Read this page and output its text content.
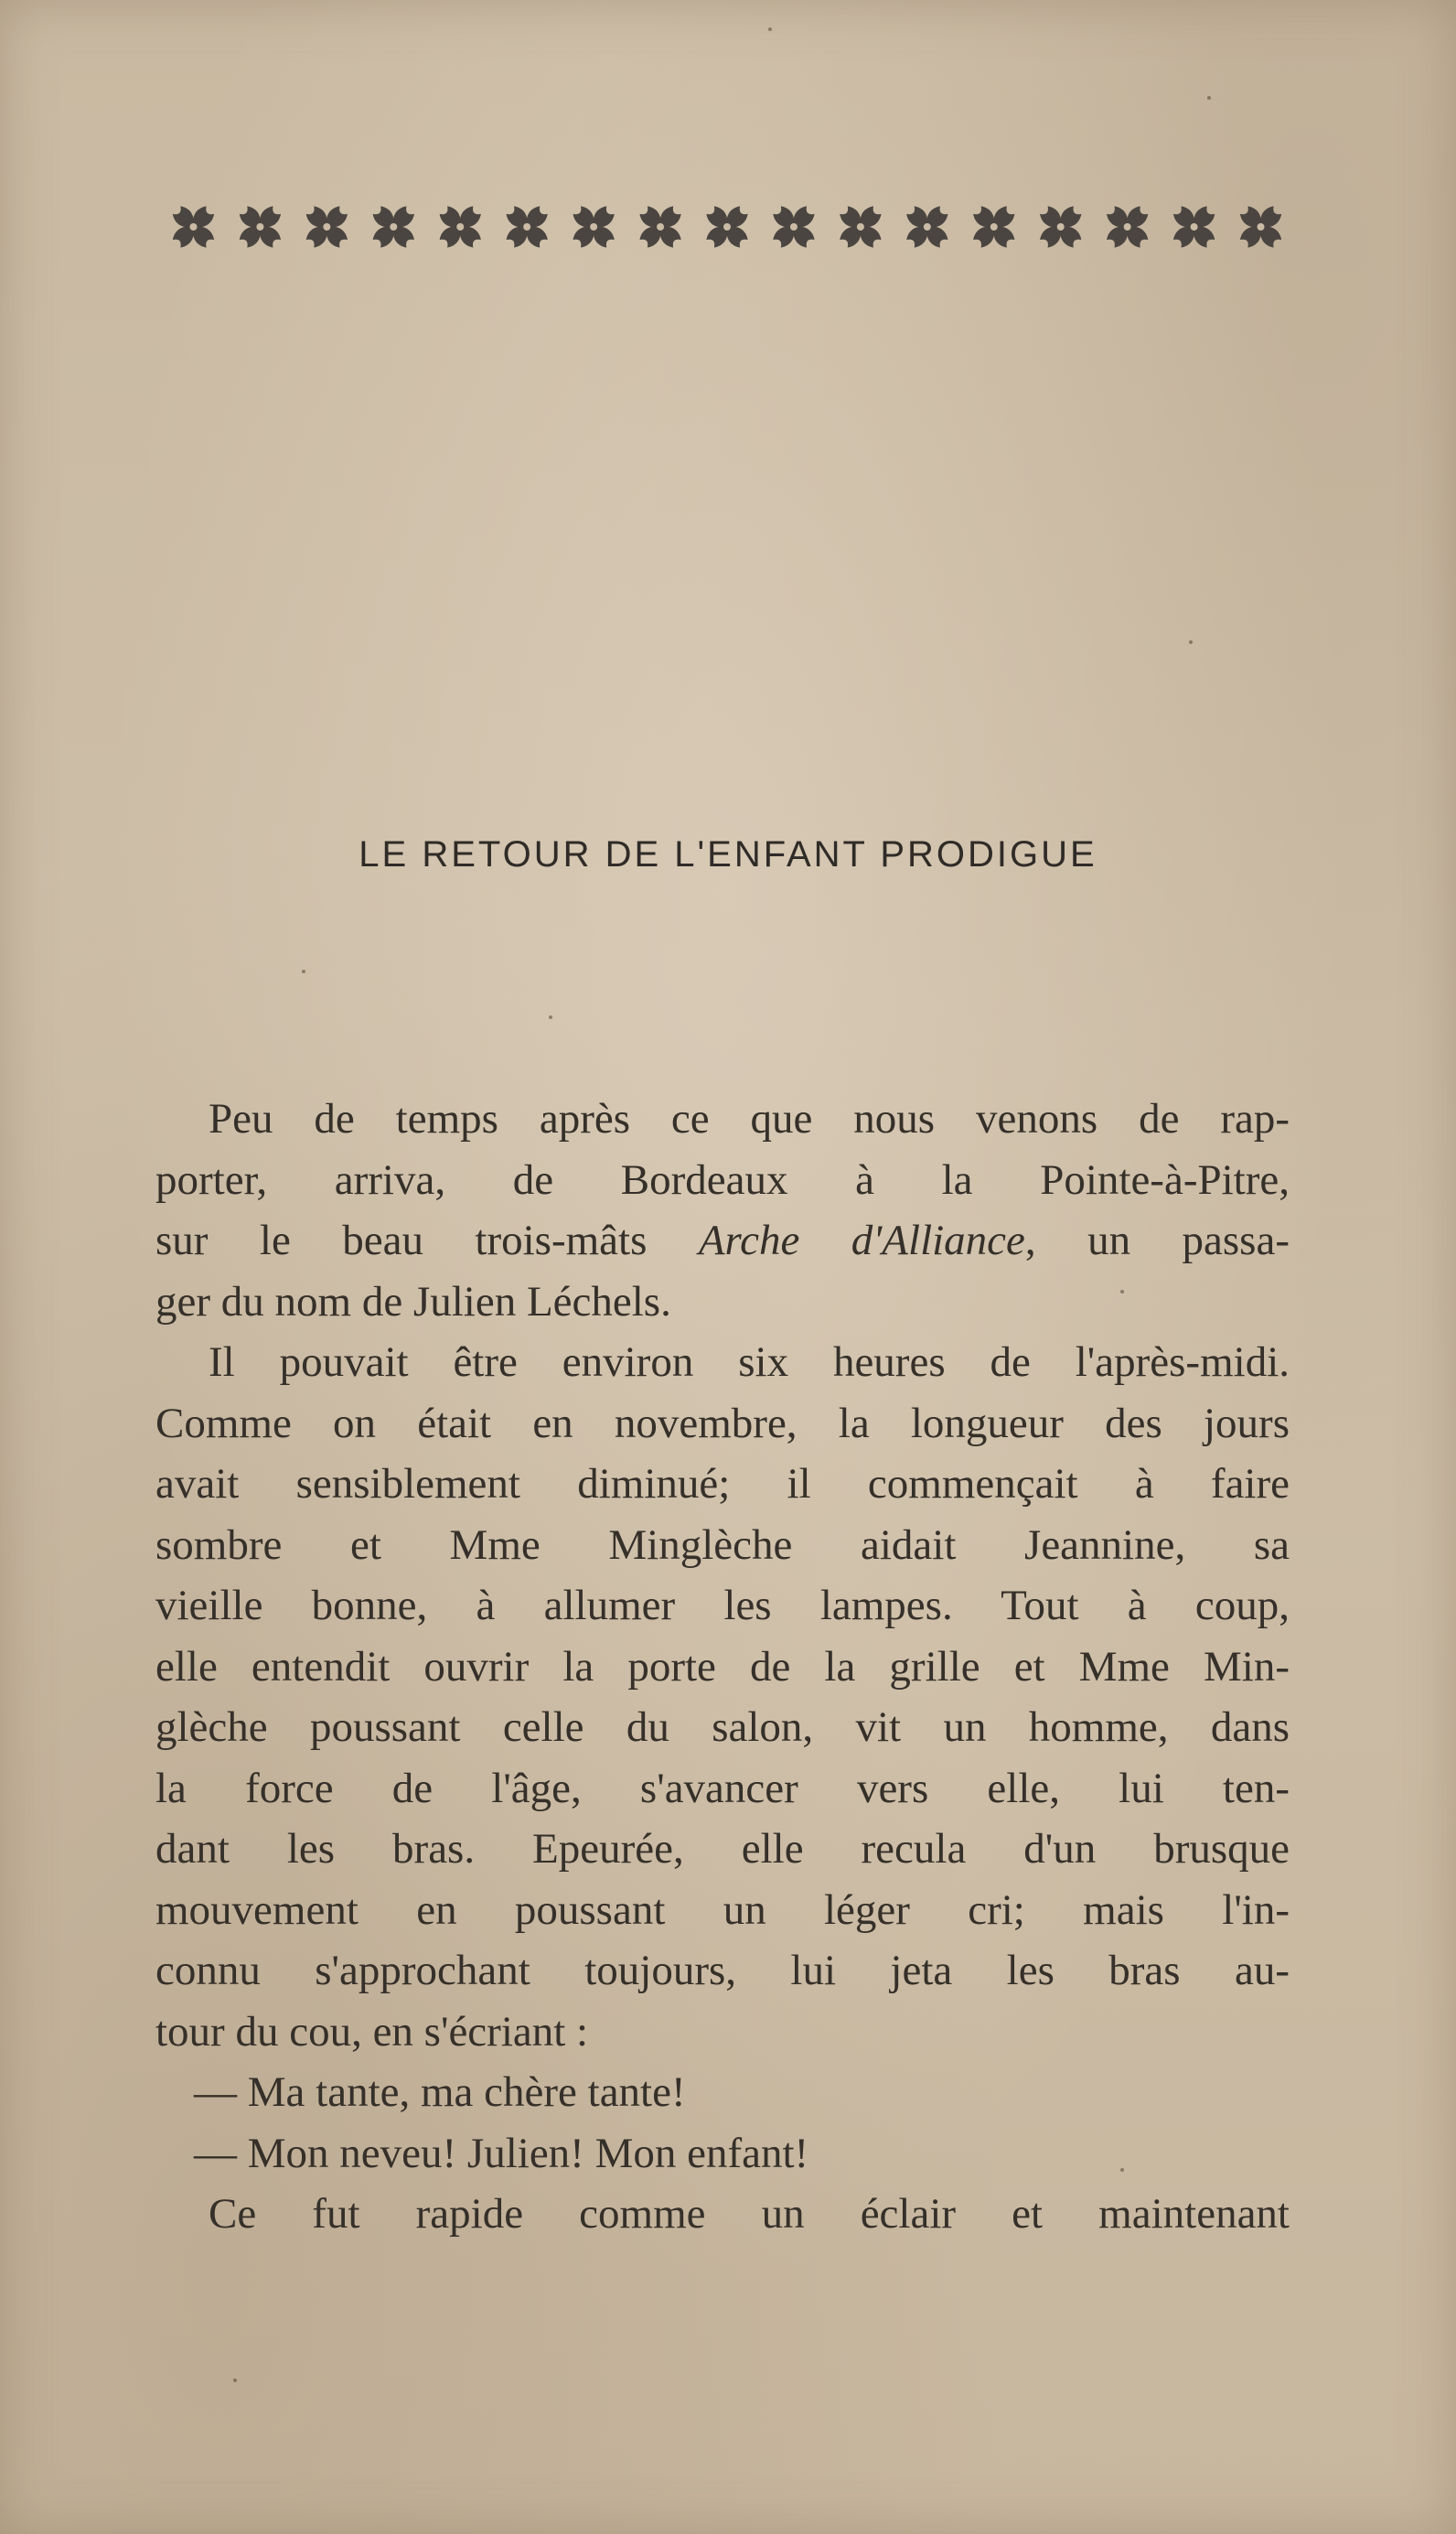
LE RETOUR DE L'ENFANT PRODIGUE
Peu de temps après ce que nous venons de rap-
porter, arriva, de Bordeaux à la Pointe-à-Pitre,
sur le beau trois-mâts Arche d'Alliance, un passa-
ger du nom de Julien Léchels.
Il pouvait être environ six heures de l'après-midi.
Comme on était en novembre, la longueur des jours
avait sensiblement diminué; il commençait à faire
sombre et Mme Minglèche aidait Jeannine, sa
vieille bonne, à allumer les lampes. Tout à coup,
elle entendit ouvrir la porte de la grille et Mme Min-
glèche poussant celle du salon, vit un homme, dans
la force de l'âge, s'avancer vers elle, lui ten-
dant les bras. Epeurée, elle recula d'un brusque
mouvement en poussant un léger cri; mais l'in-
connu s'approchant toujours, lui jeta les bras au-
tour du cou, en s'écriant :
— Ma tante, ma chère tante!
— Mon neveu! Julien! Mon enfant!
Ce fut rapide comme un éclair et maintenant
